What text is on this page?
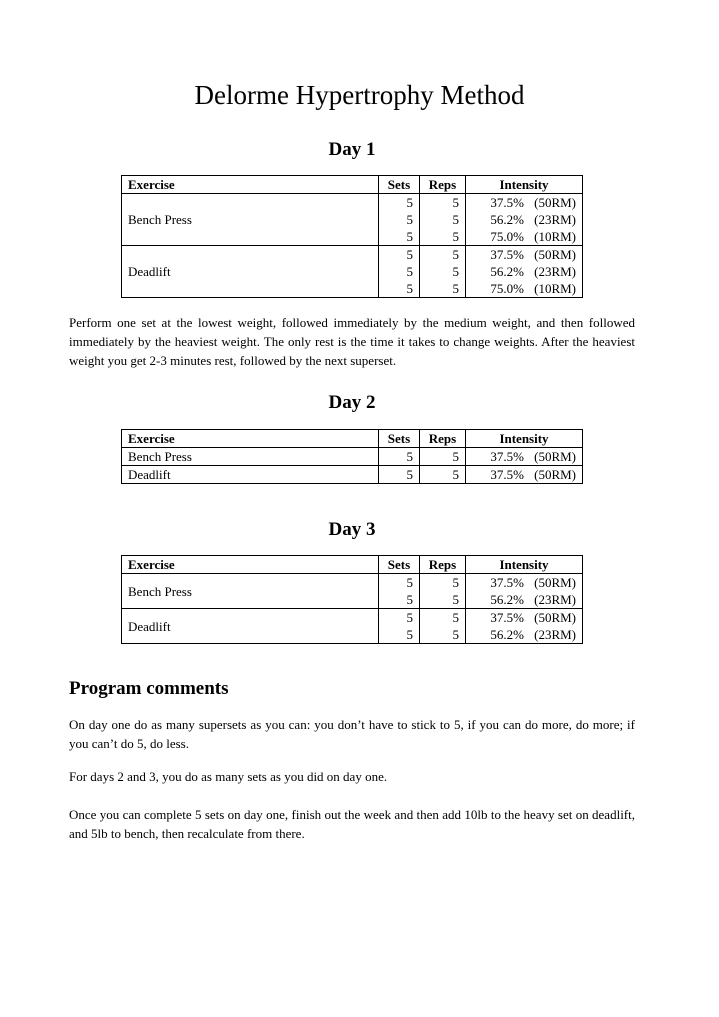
Delorme Hypertrophy Method
Day 1
Exercise	Sets	Reps	Intensity
Bench Press	5	5	37.5% (50RM)
	5	5	56.2% (23RM)
	5	5	75.0% (10RM)
Deadlift	5	5	37.5% (50RM)
	5	5	56.2% (23RM)
	5	5	75.0% (10RM)
Perform one set at the lowest weight, followed immediately by the medium weight, and then followed immediately by the heaviest weight. The only rest is the time it takes to change weights. After the heaviest weight you get 2-3 minutes rest, followed by the next superset.
Day 2
Exercise	Sets	Reps	Intensity
Bench Press	5	5	37.5% (50RM)
Deadlift	5	5	37.5% (50RM)
Day 3
Exercise	Sets	Reps	Intensity
Bench Press	5	5	37.5% (50RM)
	5	5	56.2% (23RM)
Deadlift	5	5	37.5% (50RM)
	5	5	56.2% (23RM)
Program comments
On day one do as many supersets as you can: you don’t have to stick to 5, if you can do more, do more; if you can’t do 5, do less.
For days 2 and 3, you do as many sets as you did on day one.
Once you can complete 5 sets on day one, finish out the week and then add 10lb to the heavy set on deadlift, and 5lb to bench, then recalculate from there.
